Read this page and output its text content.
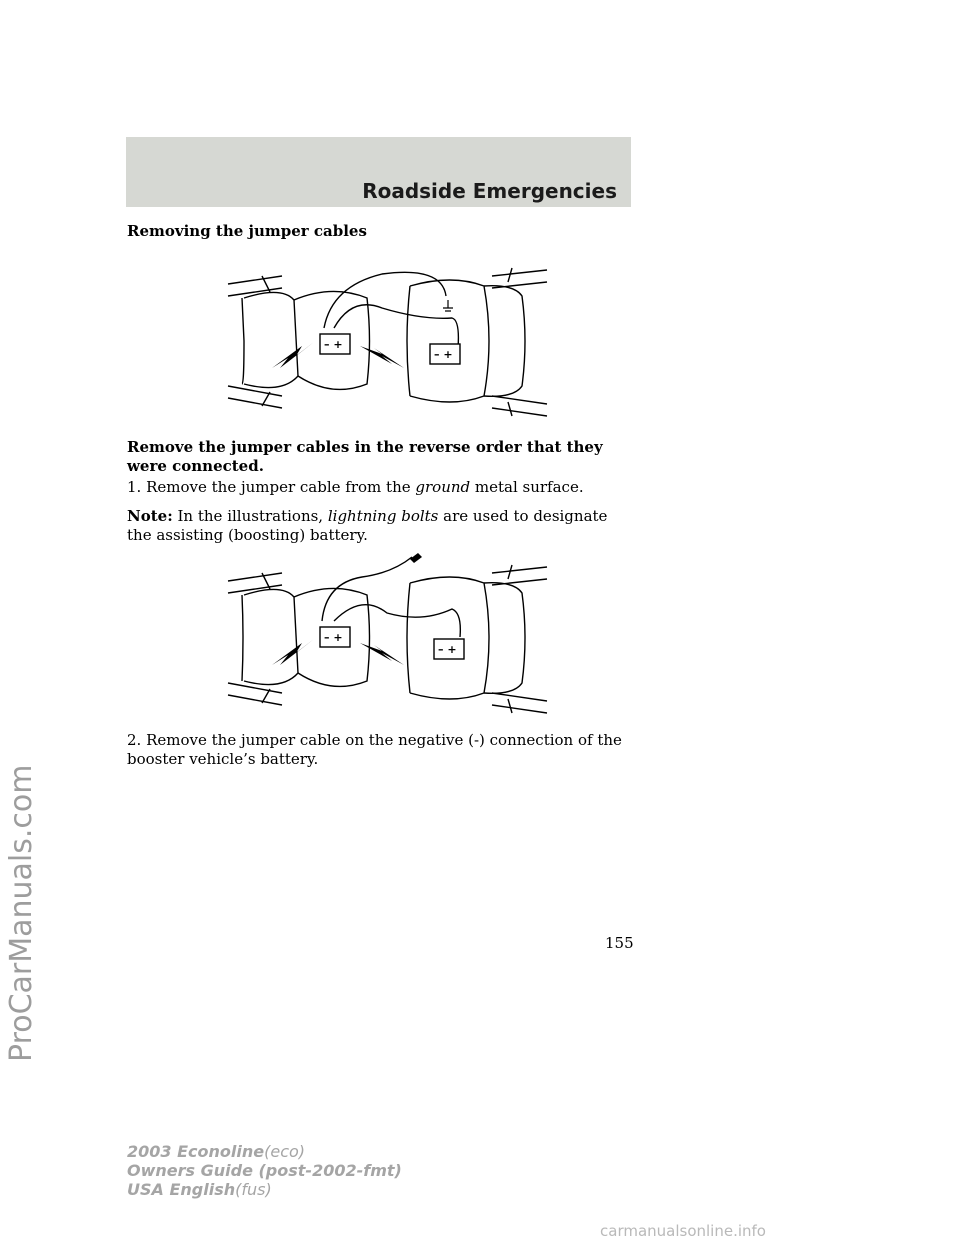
Roadside Emergencies
Removing the jumper cables
– +
– +
Remove the jumper cables in the reverse order that they were connected.
1. Remove the jumper cable from the ground metal surface.
Note: In the illustrations, lightning bolts are used to designate the assisting (boosting) battery.
– +
– +
2. Remove the jumper cable on the negative (-) connection of the booster vehicle’s battery.
155
ProCarManuals.com
2003 Econoline(eco)
Owners Guide (post-2002-fmt)
USA English(fus)
carmanualsonline.info
